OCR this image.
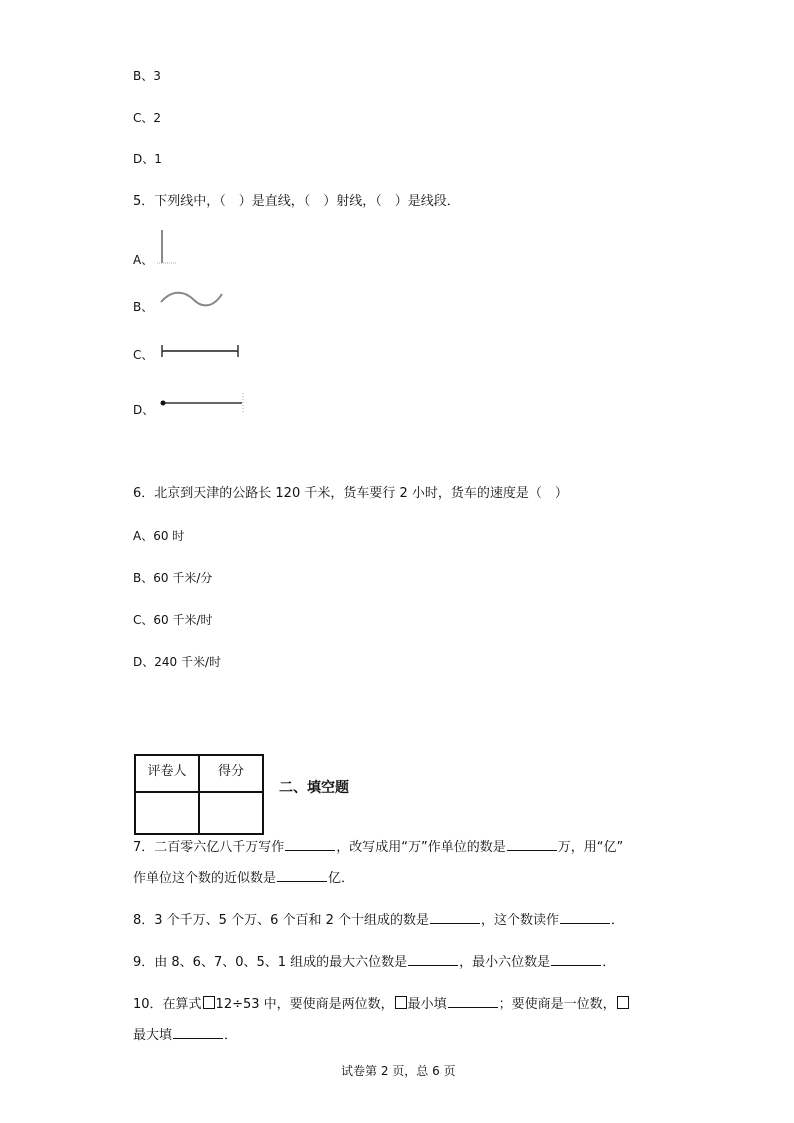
B、3
C、2
D、1
5．下列线中，（　）是直线，（　）射线，（　）是线段．
A、
B、
C、
D、
6．北京到天津的公路长 120 千米，货车要行 2 小时，货车的速度是（　）
A、60 时
B、60 千米/分
C、60 千米/时
D、240 千米/时
评卷人	得分

二、填空题
7．二百零六亿八千万写作	，改写成用“万”作单位的数是	万，用“亿”
作单位这个数的近似数是	亿．
8．3 个千万、5 个万、6 个百和 2 个十组成的数是	，这个数读作	．
9．由 8、6、7、0、5、1 组成的最大六位数是	，最小六位数是	．
10．在算式 12÷53 中，要使商是两位数， 最小填	；要使商是一位数，
最大填	．
试卷第 2 页，总 6 页
